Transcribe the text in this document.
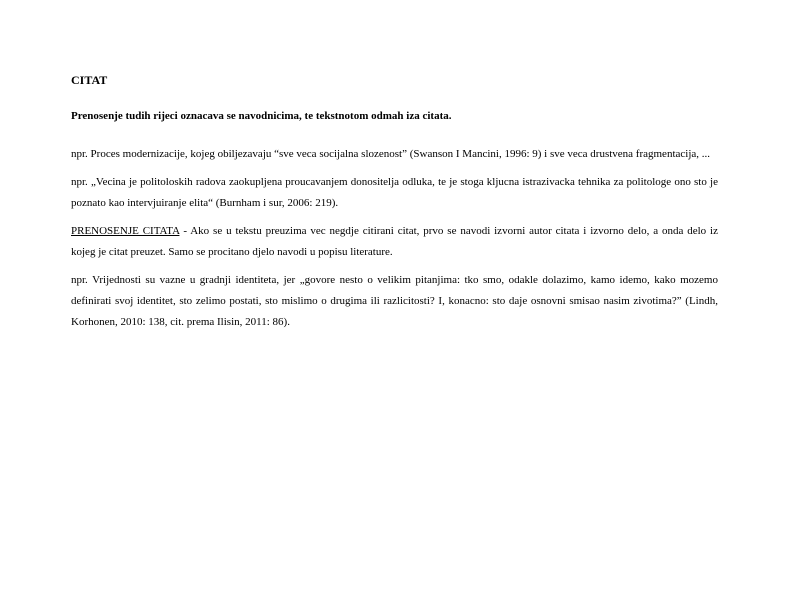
CITAT
Prenosenje tudih rijeci oznacava se navodnicima, te tekstnotom odmah iza citata.

npr. Proces modernizacije, kojeg obiljezavaju “sve veca socijalna slozenost” (Swanson I Mancini, 1996: 9) i sve veca drustvena fragmentacija, ...

npr. „Vecina je politoloskih radova zaokupljena proucavanjem donositelja odluka, te je stoga kljucna istrazivacka tehnika za politologe ono sto je poznato kao intervjuiranje elita“ (Burnham i sur, 2006: 219).

PRENOSENJE CITATA - Ako se u tekstu preuzima vec negdje citirani citat, prvo se navodi izvorni autor citata i izvorno delo, a onda delo iz kojeg je citat preuzet. Samo se procitano djelo navodi u popisu literature.

npr. Vrijednosti su vazne u gradnji identiteta, jer „govore nesto o velikim pitanjima: tko smo, odakle dolazimo, kamo idemo, kako mozemo definirati svoj identitet, sto zelimo postati, sto mislimo o drugima ili razlicitosti? I, konacno: sto daje osnovni smisao nasim zivotima?” (Lindh, Korhonen, 2010: 138, cit. prema Ilisin, 2011: 86).
